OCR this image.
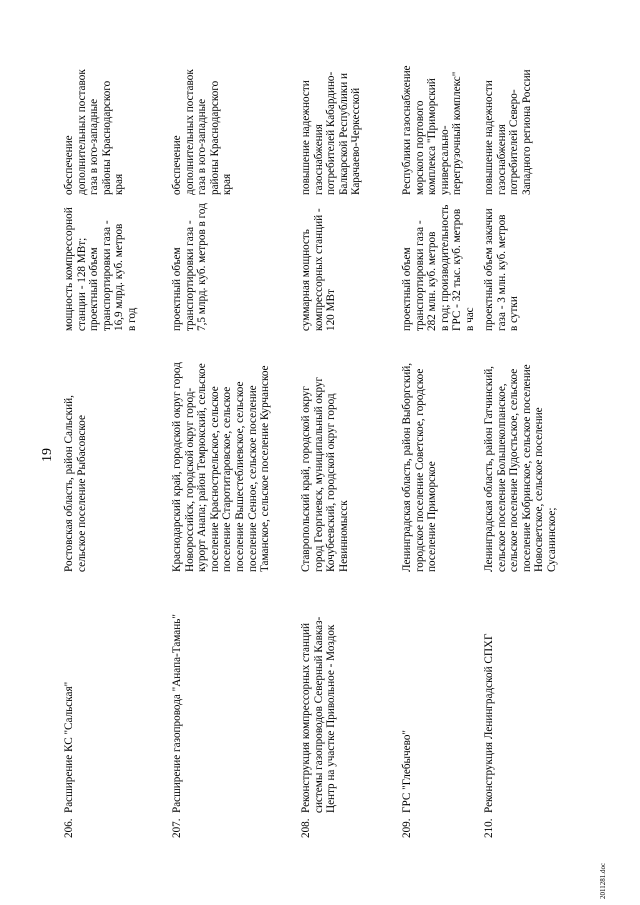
19
206.
Расширение КС "Сальская"
Ростовская область, район Сальский,
сельское поселение Рыбасовское
мощность компрессорной
станции - 128 МВт;
проектный объем
транспортировки газа -
16,9 млрд. куб. метров
в год
обеспечение
дополнительных поставок
газа в юго-западные
районы Краснодарского
края
207.
Расширение газопровода "Анапа-Тамань"
Краснодарский край, городской округ город
Новороссийск, городской округ город-
курорт Анапа; район Темрюкский, сельское
поселение Краснострельское, сельское
поселение Старотитаровское, сельское
поселение Вышестеблиевское, сельское
поселение Сенное, сельское поселение
Таманское, сельское поселение Курчанское
проектный объем
транспортировки газа -
7,5 млрд. куб. метров в год
обеспечение
дополнительных поставок
газа в юго-западные
районы Краснодарского
края
208.
Реконструкция компрессорных станций
системы газопроводов Северный Кавказ-
Центр на участке Привольное - Моздок
Ставропольский край, городской округ
город Георгиевск, муниципальный округ
Кочубеевский, городской округ город
Невинномысск
суммарная мощность
компрессорных станций -
120 МВт
повышение надежности
газоснабжения
потребителей Кабардино-
Балкарской Республики и
Карачаево-Черкесской
209.
ГРС "Глебычево"
Ленинградская область, район Выборгский,
городское поселение Советское, городское
поселение Приморское
проектный объем
транспортировки газа -
282 млн. куб. метров
в год; производительность
ГРС - 32 тыс. куб. метров
в час
Республики газоснабжение
морского портового
комплекса "Приморский
универсально-
перегрузочный комплекс"
210.
Реконструкция Ленинградской СПХГ
Ленинградская область, район Гатчинский,
сельское поселение Большеколпанское,
сельское поселение Пудостьское, сельское
поселение Кобринское, сельское поселение
Новосветское, сельское поселение
Сусанинское;
проектный объем закачки
газа - 3 млн. куб. метров
в сутки
повышение надежности
газоснабжения
потребителей Северо-
Западного региона России
2011281.doc
